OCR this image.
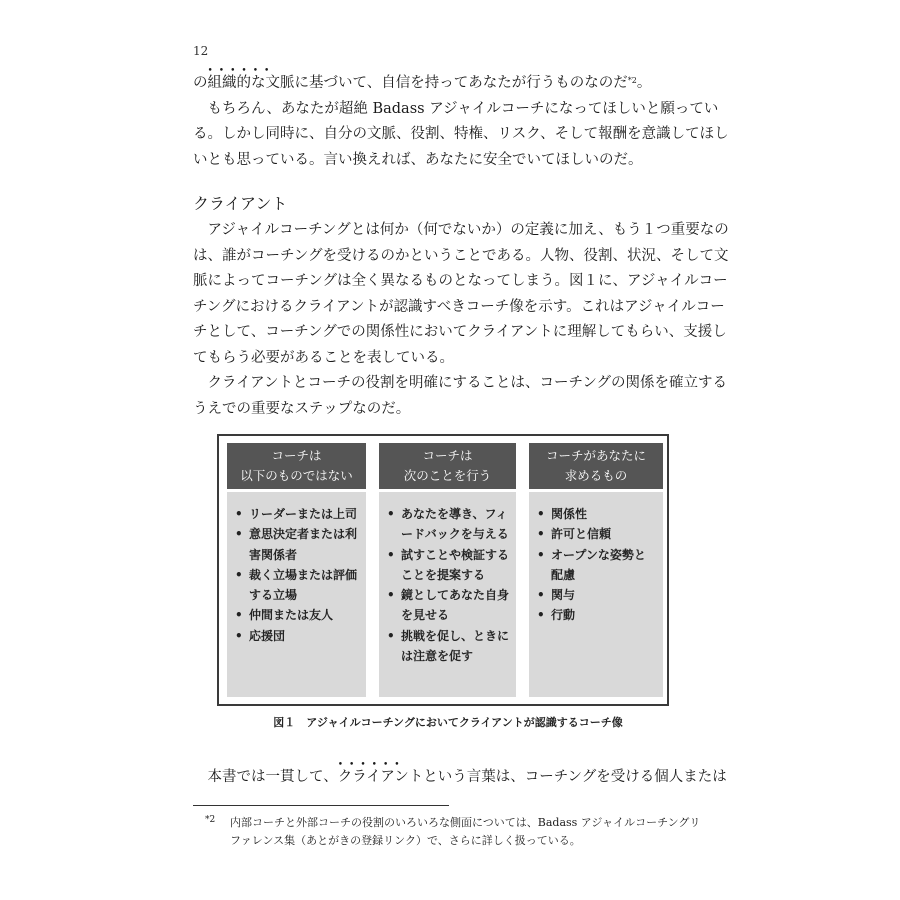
12
の
••••••
組織的な文脈に基づいて、自信を持ってあなたが行うものなのだ$^{*2}$。
　もちろん、あなたが超絶 Badass アジャイルコーチになってほしいと願ってい
る。しかし同時に、自分の文脈、役割、特権、リスク、そして報酬を意識してほし
いとも思っている。言い換えれば、あなたに安全でいてほしいのだ。
クライアント
　アジャイルコーチングとは何か（何でないか）の定義に加え、もう１つ重要なの
は、誰がコーチングを受けるのかということである。人物、役割、状況、そして文
脈によってコーチングは全く異なるものとなってしまう。図１に、アジャイルコー
チングにおけるクライアントが認識すべきコーチ像を示す。これはアジャイルコー
チとして、コーチングでの関係性においてクライアントに理解してもらい、支援し
てもらう必要があることを表している。
　クライアントとコーチの役割を明確にすることは、コーチングの関係を確立する
うえでの重要なステップなのだ。
コーチは
以下のものではない
• リーダーまたは上司
• 意思決定者または利
害関係者
• 裁く立場または評価
する立場
• 仲間または友人
• 応援団
コーチは
次のことを行う
• あなたを導き、フィ
ードバックを与える
• 試すことや検証する
ことを提案する
• 鏡としてあなた自身
を見せる
• 挑戦を促し、ときに
は注意を促す
コーチがあなたに
求めるもの
• 関係性
• 許可と信頼
• オープンな姿勢と
配慮
• 関与
• 行動
図１　アジャイルコーチングにおいてクライアントが認識するコーチ像
　本書では一貫して、
••••••
クライアントという言葉は、コーチングを受ける個人または
*2	内部コーチと外部コーチの役割のいろいろな側面については、Badass アジャイルコーチングリ
ファレンス集（あとがきの登録リンク）で、さらに詳しく扱っている。
